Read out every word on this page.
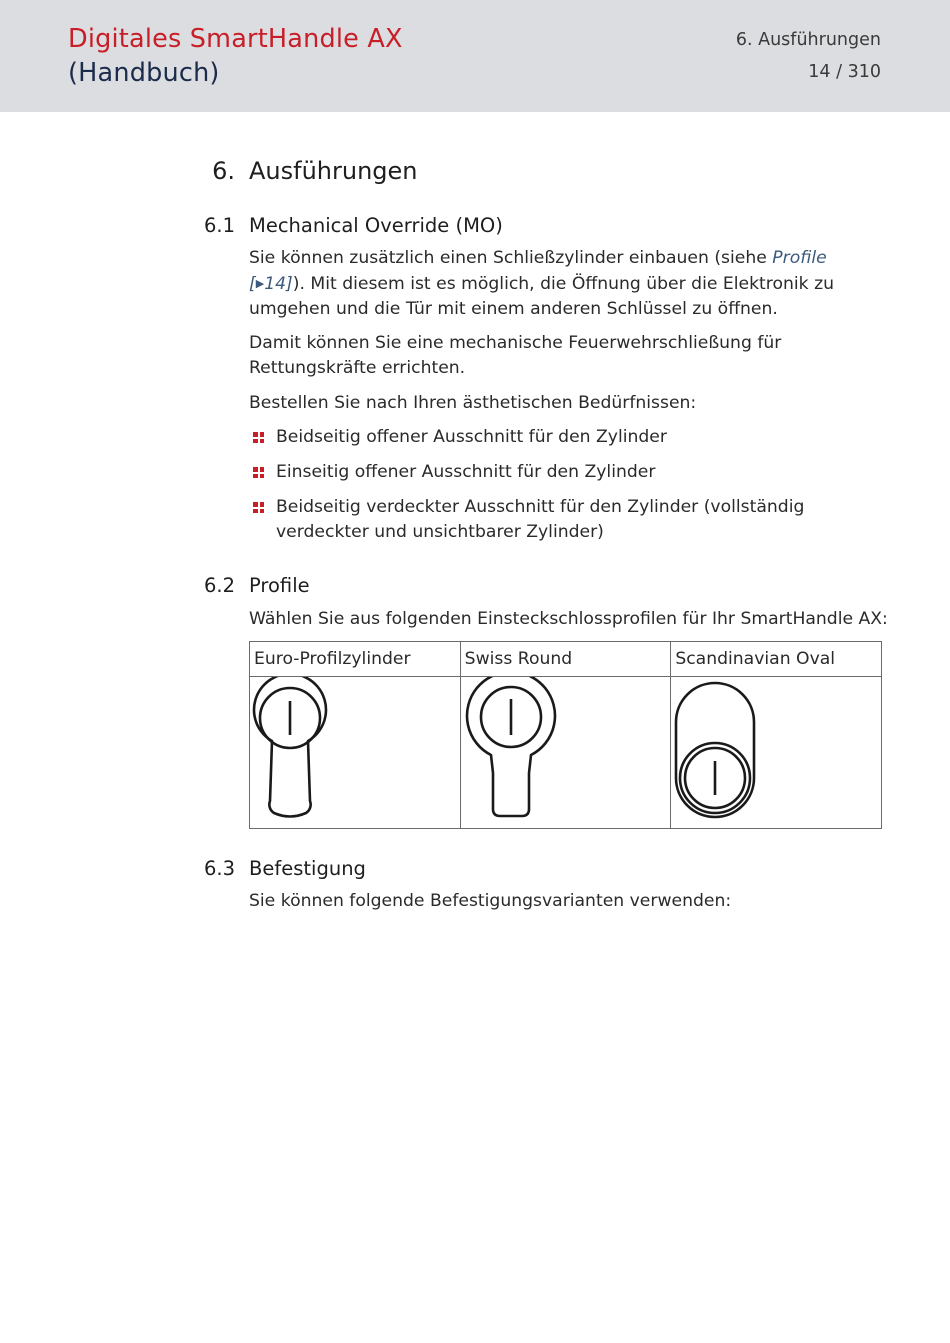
Digitales SmartHandle AX
(Handbuch)
6. Ausführungen
14 / 310
6. Ausführungen
6.1 Mechanical Override (MO)
Sie können zusätzlich einen Schließzylinder einbauen (siehe Profile
[▶14]). Mit diesem ist es möglich, die Öffnung über die Elektronik zu umgehen und die Tür mit einem anderen Schlüssel zu öffnen.
Damit können Sie eine mechanische Feuerwehrschließung für Rettungskräfte errichten.
Bestellen Sie nach Ihren ästhetischen Bedürfnissen:
Beidseitig offener Ausschnitt für den Zylinder
Einseitig offener Ausschnitt für den Zylinder
Beidseitig verdeckter Ausschnitt für den Zylinder (vollständig verdeckter und unsichtbarer Zylinder)
6.2 Profile
Wählen Sie aus folgenden Einsteckschlossprofilen für Ihr SmartHandle AX:
Euro-Profilzylinder	Swiss Round	Scandinavian Oval

6.3 Befestigung
Sie können folgende Befestigungsvarianten verwenden:
